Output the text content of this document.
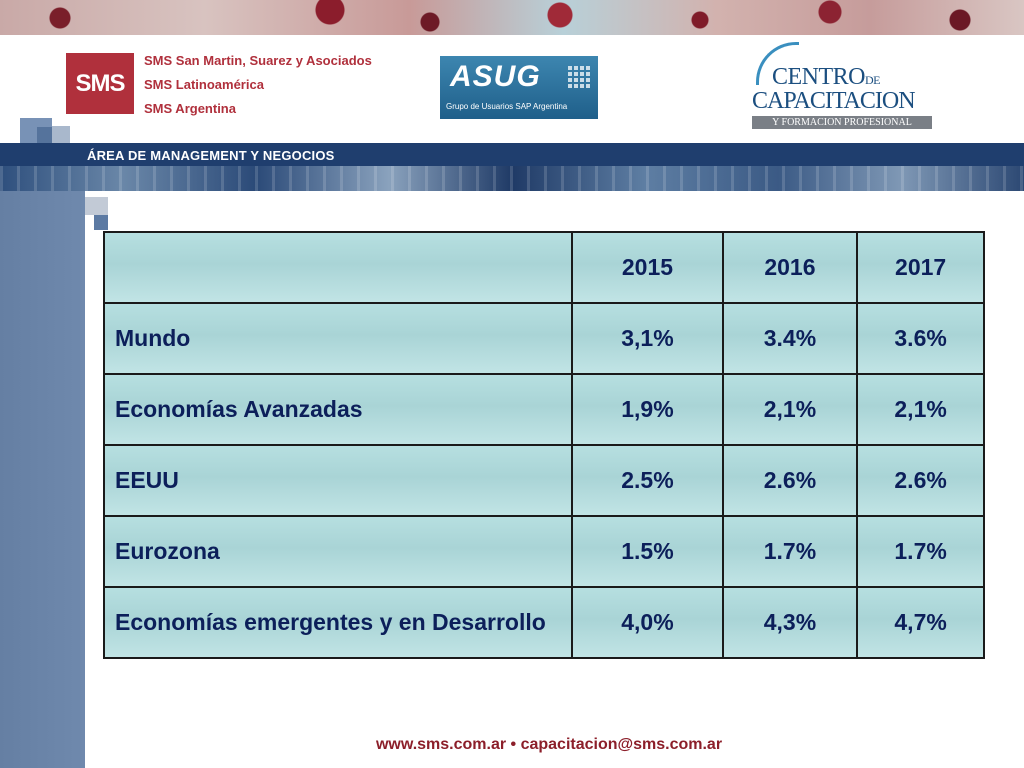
SMS
SMS San Martin, Suarez y Asociados
SMS Latinoamérica
SMS Argentina
ASUG
Grupo de Usuarios SAP Argentina
CENTRODE
CAPACITACION
Y FORMACION PROFESIONAL
ÁREA DE MANAGEMENT Y NEGOCIOS
	2015	2016	2017
Mundo	3,1%	3.4%	3.6%
Economías Avanzadas	1,9%	2,1%	2,1%
EEUU	2.5%	2.6%	2.6%
Eurozona	1.5%	1.7%	1.7%
Economías emergentes y en Desarrollo	4,0%	4,3%	4,7%
www.sms.com.ar • capacitacion@sms.com.ar
